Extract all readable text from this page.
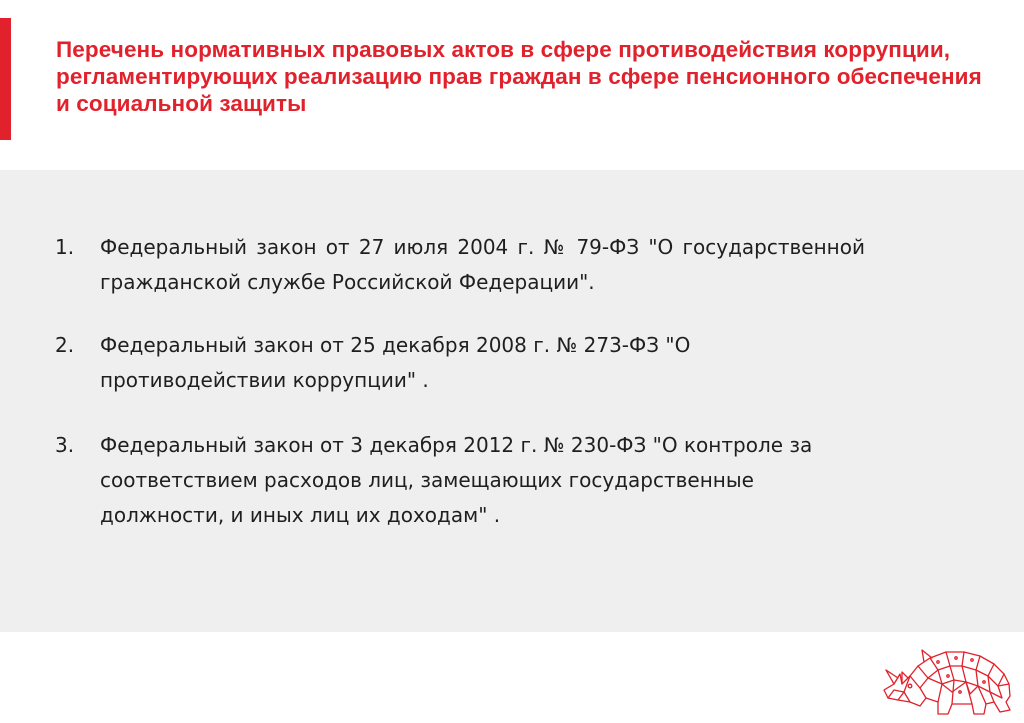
Перечень нормативных правовых актов в сфере противодействия коррупции, регламентирующих реализацию прав граждан в сфере пенсионного обеспечения и социальной защиты
1. Федеральный закон от 27 июля 2004 г. № 79-ФЗ "О государственной гражданской службе Российской Федерации".
2. Федеральный закон от 25 декабря 2008 г. № 273-ФЗ "О противодействии коррупции" .
3. Федеральный закон от 3 декабря 2012 г. № 230-ФЗ "О контроле за соответствием расходов лиц, замещающих государственные должности, и иных лиц их доходам" .
